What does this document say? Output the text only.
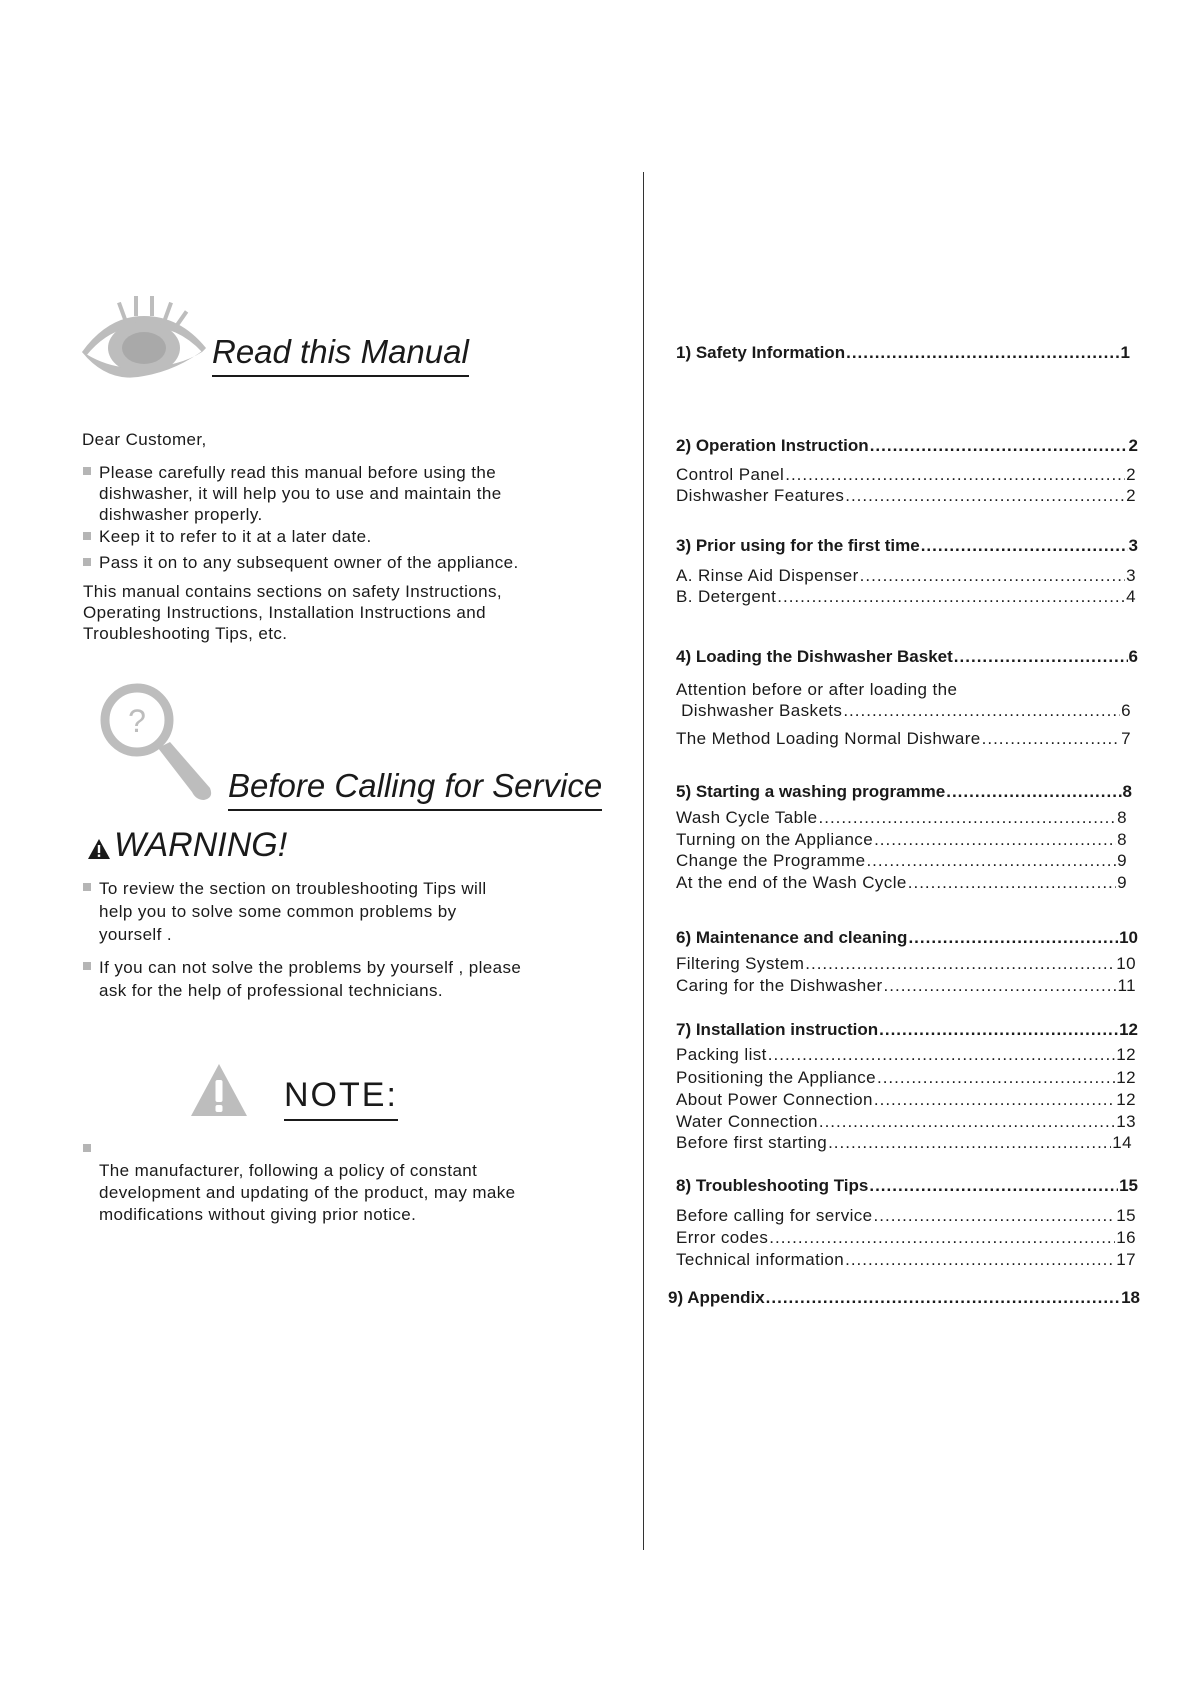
Read this Manual
Dear Customer,
Please carefully read this manual before using the dishwasher, it will help you to use and maintain the dishwasher properly.
Keep it to refer to it at a later date.
Pass it on to any subsequent owner of the appliance.
This manual contains sections on safety Instructions, Operating Instructions, Installation Instructions and Troubleshooting Tips, etc.
?
Before Calling for Service
WARNING!
To review the section on troubleshooting Tips will help you to solve some common problems by yourself .
If you can not solve the problems by yourself , please ask for the help of professional technicians.
NOTE:
The manufacturer, following a policy of constant development and updating of the product, may make modifications without giving prior notice.
1) Safety Information .....	1
2) Operation Instruction .....	2
Control Panel .....	2
Dishwasher Features .....	2
3) Prior using for the first time .....	3
A. Rinse Aid Dispenser .....	3
B. Detergent .....	4
4) Loading the Dishwasher Basket .....	6
Attention before or after loading the
Dishwasher Baskets .....	6
The Method Loading Normal Dishware .....	7
5) Starting a washing programme .....	8
Wash Cycle Table .....	8
Turning on the Appliance .....	8
Change the Programme .....	9
At the end of the Wash Cycle .....	9
6) Maintenance and cleaning .....	10
Filtering System .....	10
Caring for the Dishwasher .....	11
7) Installation instruction .....	12
Packing list .....	12
Positioning the Appliance .....	12
About Power Connection .....	12
Water Connection .....	13
Before first starting .....	14
8) Troubleshooting Tips .....	15
Before calling for service .....	15
Error codes .....	16
Technical information .....	17
9) Appendix .....	18
